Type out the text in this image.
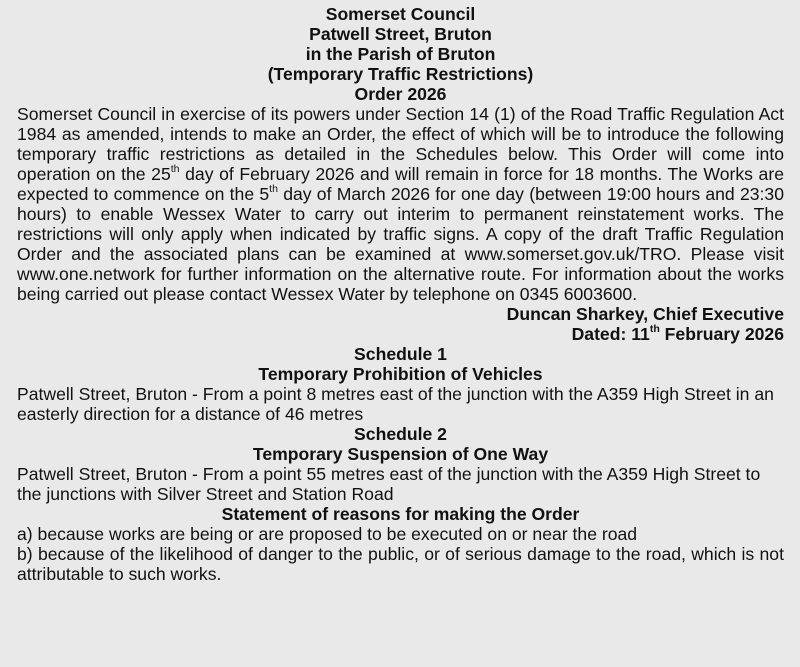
Somerset Council

Patwell Street, Bruton

in the Parish of Bruton

(Temporary Traffic Restrictions)

Order 2026

Somerset Council in exercise of its powers under Section 14 (1) of the Road Traffic Regulation Act 1984 as amended, intends to make an Order, the effect of which will be to introduce the following temporary traffic restrictions as detailed in the Schedules below. This Order will come into operation on the 25th day of February 2026 and will remain in force for 18 months. The Works are expected to commence on the 5th day of March 2026 for one day (between 19:00 hours and 23:30 hours) to enable Wessex Water to carry out interim to permanent reinstatement works. The restrictions will only apply when indicated by traffic signs. A copy of the draft Traffic Regulation Order and the associated plans can be examined at www.somerset.gov.uk/TRO. Please visit www.one.network for further information on the alternative route. For information about the works being carried out please contact Wessex Water by telephone on 0345 6003600.

Duncan Sharkey, Chief Executive

Dated: 11th February 2026

Schedule 1

Temporary Prohibition of Vehicles

Patwell Street, Bruton - From a point 8 metres east of the junction with the A359 High Street in an easterly direction for a distance of 46 metres

Schedule 2

Temporary Suspension of One Way

Patwell Street, Bruton - From a point 55 metres east of the junction with the A359 High Street to the junctions with Silver Street and Station Road

Statement of reasons for making the Order

a) because works are being or are proposed to be executed on or near the road

b) because of the likelihood of danger to the public, or of serious damage to the road, which is not attributable to such works.
